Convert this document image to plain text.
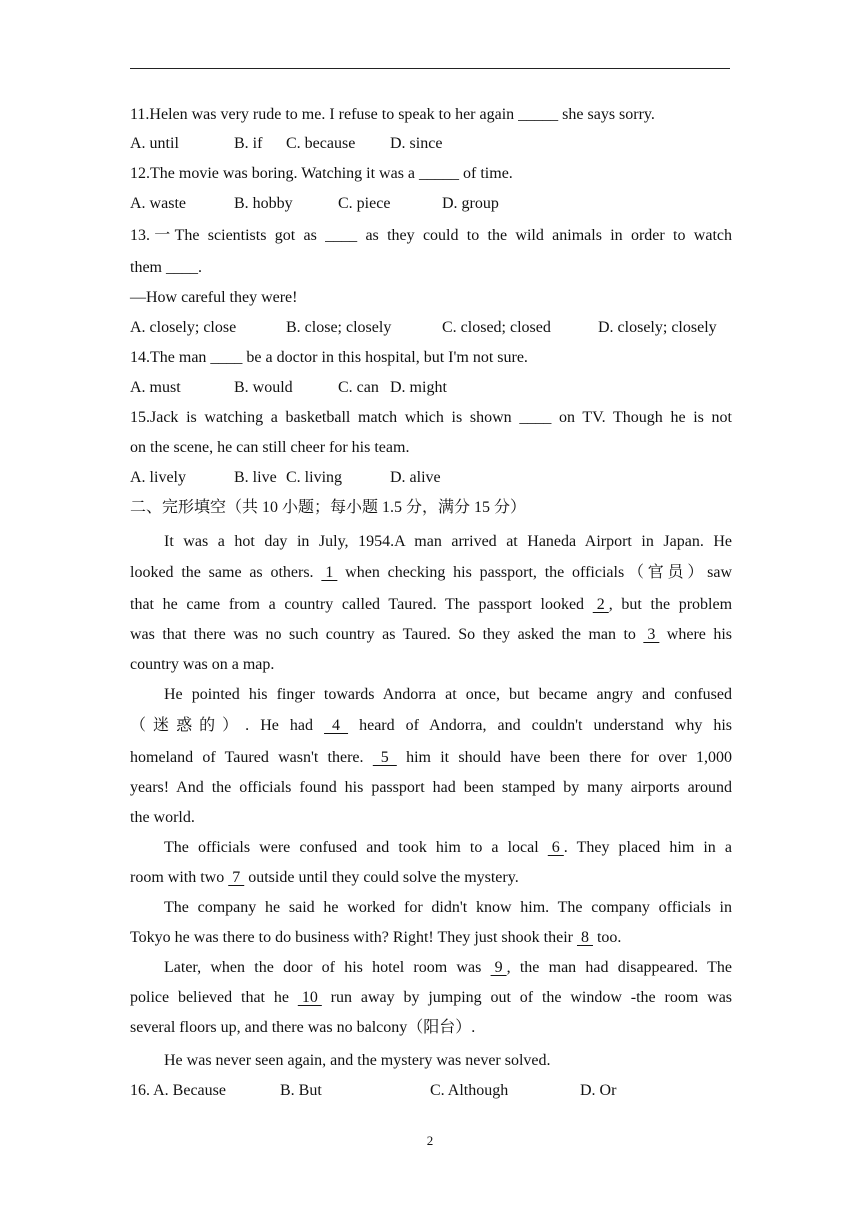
11.Helen was very rude to me. I refuse to speak to her again _____ she says sorry.
A. until	B. if C. because D. since
12.The movie was boring. Watching it was a _____ of time.
A. waste	B. hobby	C. piece	D. group
13.一The scientists got as ____ as they could to the wild animals in order to watch
them ____.
—How careful they were!
A. closely; close	B. close; closely	C. closed; closed	D. closely; closely
14.The man ____ be a doctor in this hospital, but I'm not sure.
A. must	B. would	C. can D. might
15.Jack is watching a basketball match which is shown ____ on TV. Though he is not
on the scene, he can still cheer for his team.
A. lively	B. live C. living	D. alive
二、完形填空（共 10 小题；每小题 1.5 分，满分 15 分）
It was a hot day in July, 1954.A man arrived at Haneda Airport in Japan. He
looked the same as others.  1  when checking his passport, the officials（官员）saw
that he came from a country called Taured. The passport looked  2 , but the problem
was that there was no such country as Taured. So they asked the man to  3  where his
country was on a map.
He pointed his finger towards Andorra at once, but became angry and confused
（迷惑的）. He had   4   heard of Andorra, and couldn't understand why his
homeland of Taured wasn't there.   5   him it should have been there for over 1,000
years! And the officials found his passport had been stamped by many airports around
the world.
The officials were confused and took him to a local  6 . They placed him in a
room with two  7  outside until they could solve the mystery.
The company he said he worked for didn't know him. The company officials in
Tokyo he was there to do business with? Right! They just shook their  8  too.
Later, when the door of his hotel room was  9 , the man had disappeared. The
police believed that he  10  run away by jumping out of the window -the room was
several floors up, and there was no balcony（阳台）.
He was never seen again, and the mystery was never solved.
16. A. Because	B. But	C. Although	D. Or
2
